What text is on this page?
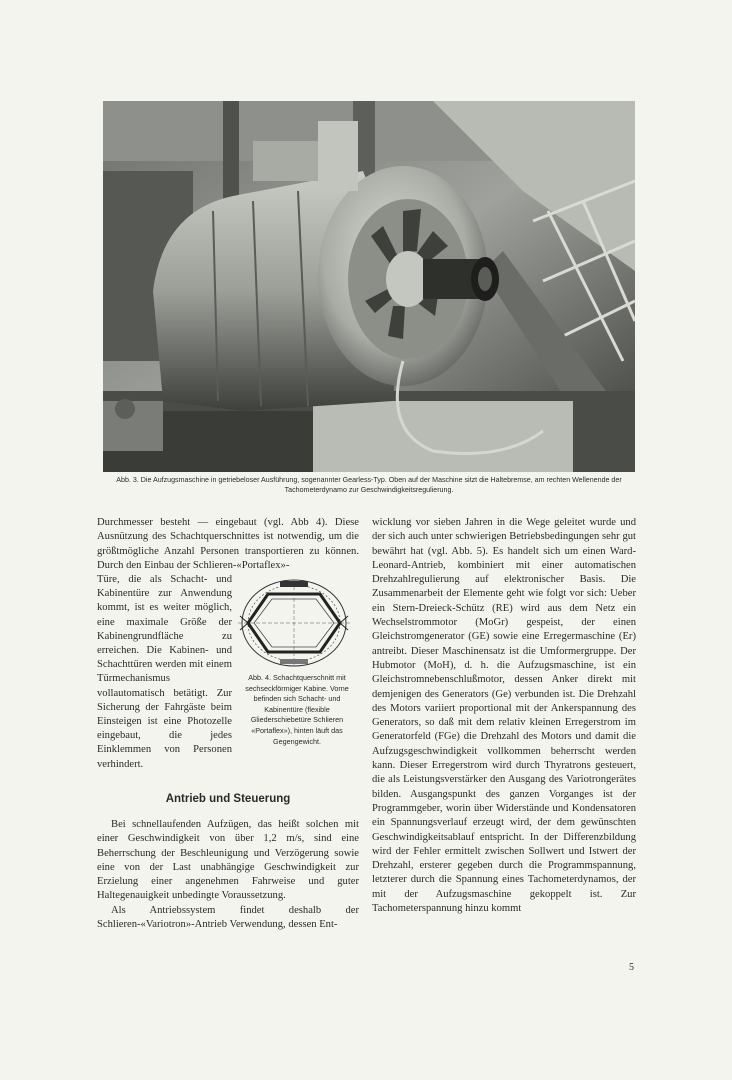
Abb. 3. Die Aufzugsmaschine in getriebeloser Ausführung, sogenannter Gearless-Typ. Oben auf der Maschine sitzt die Haltebremse, am rechten Wellenende der Tachometerdynamo zur Geschwindigkeitsregulierung.

Durchmesser besteht — eingebaut (vgl. Abb 4). Diese Ausnützung des Schachtquerschnittes ist notwendig, um die größtmögliche Anzahl Personen transportieren zu können. Durch den Einbau der Schlieren-«Portaflex»-

Türe, die als Schacht- und Kabinentüre zur Anwendung kommt, ist es weiter möglich, eine maximale Größe der Kabinengrundfläche zu erreichen. Die Kabinen- und Schachttüren werden mit einem Türmechanismus vollautomatisch betätigt. Zur Sicherung der Fahrgäste beim Einsteigen ist eine Photozelle eingebaut, die jedes Einklemmen von Personen verhindert.
Abb. 4. Schachtquerschnitt mit sechseckförmiger Kabine. Vorne befinden sich Schacht- und Kabinentüre (flexible Gliederschiebetüre Schlieren «Portaflex»), hinten läuft das Gegengewicht.
Antrieb und Steuerung

Bei schnellaufenden Aufzügen, das heißt solchen mit einer Geschwindigkeit von über 1,2 m/s, sind eine Beherrschung der Beschleunigung und Verzögerung sowie eine von der Last unabhängige Geschwindigkeit zur Erzielung einer angenehmen Fahrweise und guter Haltegenauigkeit unbedingte Voraussetzung.

Als Antriebssystem findet deshalb der Schlieren-«Variotron»-Antrieb Verwendung, dessen Ent-

wicklung vor sieben Jahren in die Wege geleitet wurde und der sich auch unter schwierigen Betriebsbedingungen sehr gut bewährt hat (vgl. Abb. 5). Es handelt sich um einen Ward-Leonard-Antrieb, kombiniert mit einer automatischen Drehzahlregulierung auf elektronischer Basis. Die Zusammenarbeit der Elemente geht wie folgt vor sich: Ueber ein Stern-Dreieck-Schütz (RE) wird aus dem Netz ein Wechselstrommotor (MoGr) gespeist, der einen Gleichstromgenerator (GE) sowie eine Erregermaschine (Er) antreibt. Dieser Maschinensatz ist die Umformergruppe. Der Hubmotor (MoH), d. h. die Aufzugsmaschine, ist ein Gleichstromnebenschlußmotor, dessen Anker direkt mit demjenigen des Generators (Ge) verbunden ist. Die Drehzahl des Motors variiert proportional mit der Ankerspannung des Generators, so daß mit dem relativ kleinen Erregerstrom im Generatorfeld (FGe) die Drehzahl des Motors und damit die Aufzugsgeschwindigkeit vollkommen beherrscht werden kann. Dieser Erregerstrom wird durch Thyratrons gesteuert, die als Leistungsverstärker den Ausgang des Variotrongerätes bilden. Ausgangspunkt des ganzen Vorganges ist der Programmgeber, worin über Widerstände und Kondensatoren ein Spannungsverlauf erzeugt wird, der dem gewünschten Geschwindigkeitsablauf entspricht. In der Differenzbildung wird der Fehler ermittelt zwischen Sollwert und Istwert der Drehzahl, ersterer gegeben durch die Programmspannung, letzterer durch die Spannung eines Tachometerdynamos, der mit der Aufzugsmaschine gekoppelt ist. Zur Tachometerspannung hinzu kommt

5
